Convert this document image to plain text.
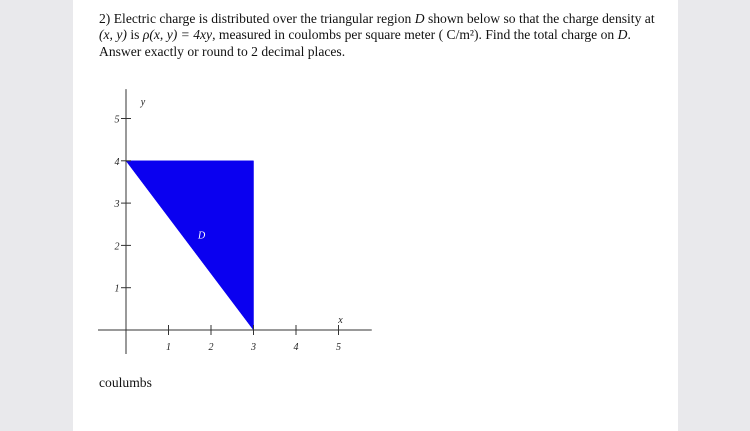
2) Electric charge is distributed over the triangular region D shown below so that the charge density at (x, y) is ρ(x, y) = 4xy, measured in coulombs per square meter ( C/m²). Find the total charge on D. Answer exactly or round to 2 decimal places.

x
y
D
1	2	3	4	5
1
2
3
4
5
coulumbs
